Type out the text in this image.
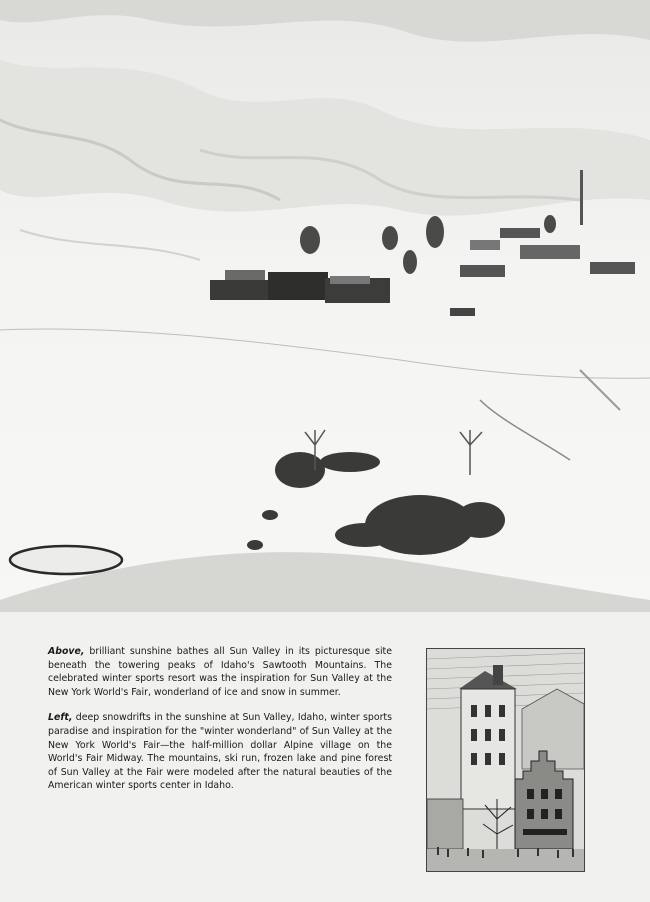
Above, brilliant sunshine bathes all Sun Valley in its picturesque site beneath the towering peaks of Idaho's Sawtooth Mountains. The celebrated winter sports resort was the inspiration for Sun Valley at the New York World's Fair, wonderland of ice and snow in summer.

Left, deep snowdrifts in the sunshine at Sun Valley, Idaho, winter sports paradise and inspiration for the "winter wonderland" of Sun Valley at the New York World's Fair—the half-million dollar Alpine village on the World's Fair Midway. The mountains, ski run, frozen lake and pine forest of Sun Valley at the Fair were modeled after the natural beauties of the American winter sports center in Idaho.
